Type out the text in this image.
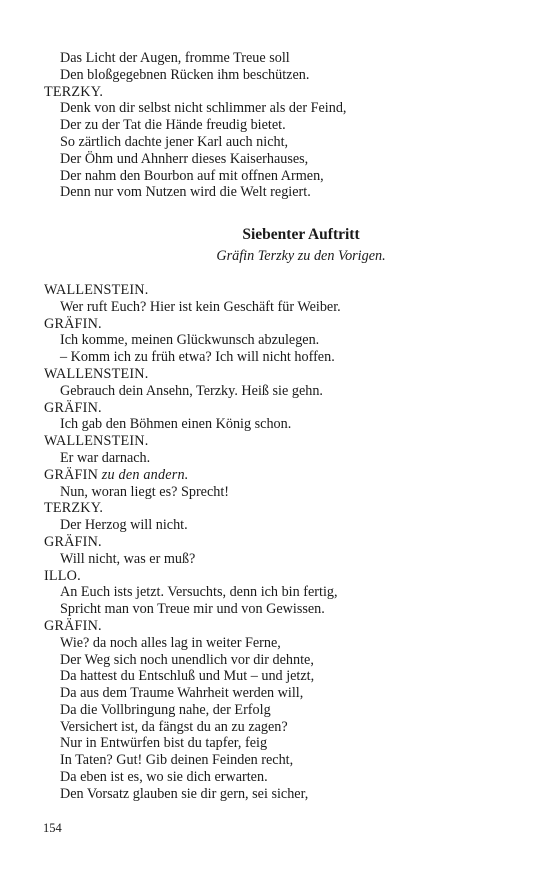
Das Licht der Augen, fromme Treue soll
Den bloßgegebnen Rücken ihm beschützen.
TERZKY.
Denk von dir selbst nicht schlimmer als der Feind,
Der zu der Tat die Hände freudig bietet.
So zärtlich dachte jener Karl auch nicht,
Der Öhm und Ahnherr dieses Kaiserhauses,
Der nahm den Bourbon auf mit offnen Armen,
Denn nur vom Nutzen wird die Welt regiert.
Siebenter Auftritt
Gräfin Terzky zu den Vorigen.
WALLENSTEIN.
Wer ruft Euch? Hier ist kein Geschäft für Weiber.
GRÄFIN.
Ich komme, meinen Glückwunsch abzulegen.
– Komm ich zu früh etwa? Ich will nicht hoffen.
WALLENSTEIN.
Gebrauch dein Ansehn, Terzky. Heiß sie gehn.
GRÄFIN.
Ich gab den Böhmen einen König schon.
WALLENSTEIN.
Er war darnach.
GRÄFIN zu den andern.
Nun, woran liegt es? Sprecht!
TERZKY.
Der Herzog will nicht.
GRÄFIN.
Will nicht, was er muß?
ILLO.
An Euch ists jetzt. Versuchts, denn ich bin fertig,
Spricht man von Treue mir und von Gewissen.
GRÄFIN.
Wie? da noch alles lag in weiter Ferne,
Der Weg sich noch unendlich vor dir dehnte,
Da hattest du Entschluß und Mut – und jetzt,
Da aus dem Traume Wahrheit werden will,
Da die Vollbringung nahe, der Erfolg
Versichert ist, da fängst du an zu zagen?
Nur in Entwürfen bist du tapfer, feig
In Taten? Gut! Gib deinen Feinden recht,
Da eben ist es, wo sie dich erwarten.
Den Vorsatz glauben sie dir gern, sei sicher,
154
